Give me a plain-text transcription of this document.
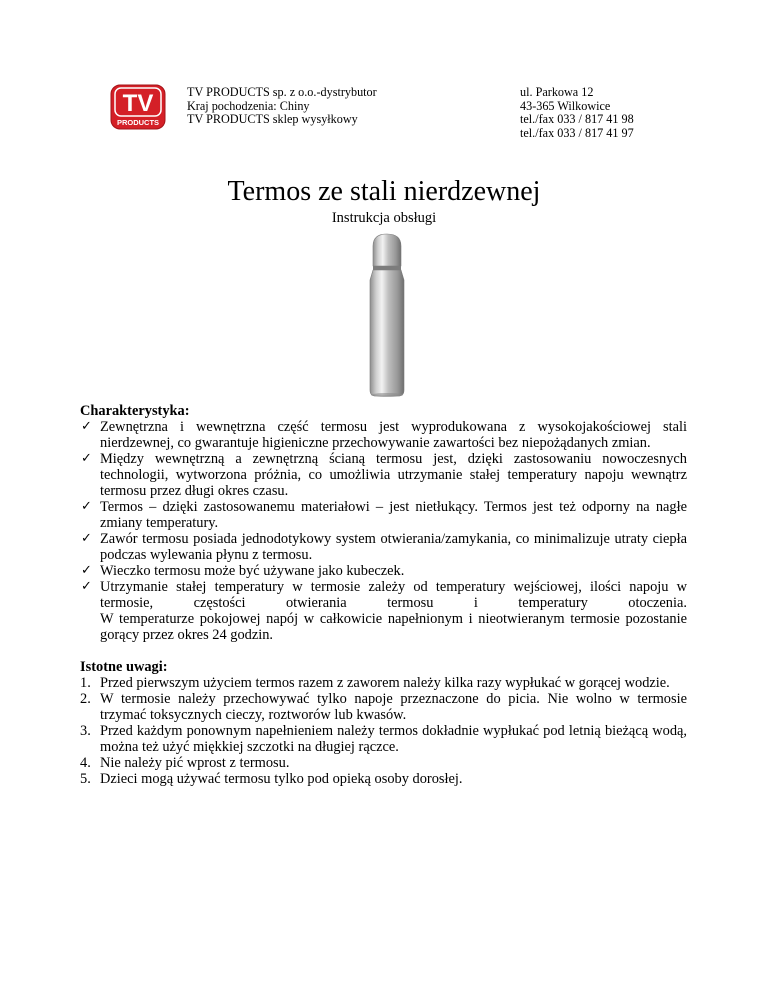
TV
PRODUCTS
TV PRODUCTS sp. z o.o.-dystrybutor
Kraj pochodzenia: Chiny
TV PRODUCTS sklep wysyłkowy
ul. Parkowa 12
43-365 Wilkowice
tel./fax 033 / 817 41 98
tel./fax 033 / 817 41 97
Termos ze stali nierdzewnej
Instrukcja obsługi
Charakterystyka:
✓ Zewnętrzna i wewnętrzna część termosu jest wyprodukowana z wysokojakościowej stali nierdzewnej, co gwarantuje higieniczne przechowywanie zawartości bez niepożądanych zmian.
✓ Między wewnętrzną a zewnętrzną ścianą termosu jest, dzięki zastosowaniu nowoczesnych technologii, wytworzona próżnia, co umożliwia utrzymanie stałej temperatury napoju wewnątrz termosu przez długi okres czasu.
✓ Termos – dzięki zastosowanemu materiałowi – jest nietłukący. Termos jest też odporny na nagłe zmiany temperatury.
✓ Zawór termosu posiada jednodotykowy system otwierania/zamykania, co minimalizuje utraty ciepła podczas wylewania płynu z termosu.
✓ Wieczko termosu może być używane jako kubeczek.
✓ Utrzymanie stałej temperatury w termosie zależy od temperatury wejściowej, ilości napoju w termosie, częstości otwierania termosu i temperatury otoczenia.
W temperaturze pokojowej napój w całkowicie napełnionym i nieotwieranym termosie pozostanie gorący przez okres 24 godzin.
Istotne uwagi:
1. Przed pierwszym użyciem termos razem z zaworem należy kilka razy wypłukać w gorącej wodzie.
2. W termosie należy przechowywać tylko napoje przeznaczone do picia. Nie wolno w termosie trzymać toksycznych cieczy, roztworów lub kwasów.
3. Przed każdym ponownym napełnieniem należy termos dokładnie wypłukać pod letnią bieżącą wodą, można też użyć miękkiej szczotki na długiej rączce.
4. Nie należy pić wprost z termosu.
5. Dzieci mogą używać termosu tylko pod opieką osoby dorosłej.
